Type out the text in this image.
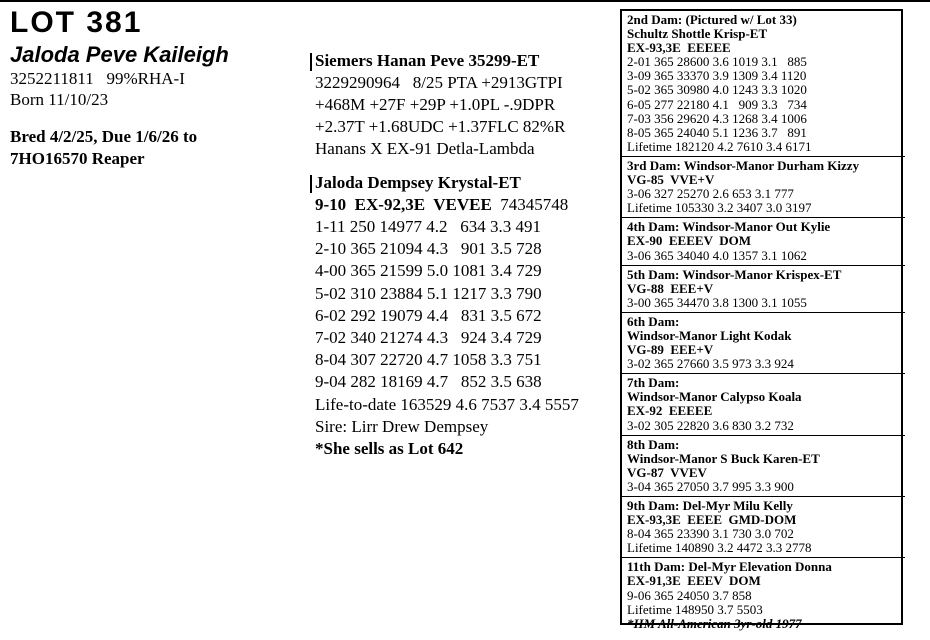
LOT 381
Jaloda Peve Kaileigh
3252211811   99%RHA-I
Born 11/10/23
Bred 4/2/25, Due 1/6/26 to
7HO16570 Reaper
Siemers Hanan Peve 35299-ET
3229290964   8/25 PTA +2913GTPI
+468M +27F +29P +1.0PL -.9DPR
+2.37T +1.68UDC +1.37FLC 82%R
Hanans X EX-91 Detla-Lambda
Jaloda Dempsey Krystal-ET
9-10  EX-92,3E  VEVEE  74345748
1-11 250 14977 4.2   634 3.3 491
2-10 365 21094 4.3   901 3.5 728
4-00 365 21599 5.0 1081 3.4 729
5-02 310 23884 5.1 1217 3.3 790
6-02 292 19079 4.4   831 3.5 672
7-02 340 21274 4.3   924 3.4 729
8-04 307 22720 4.7 1058 3.3 751
9-04 282 18169 4.7   852 3.5 638
Life-to-date 163529 4.6 7537 3.4 5557
Sire: Lirr Drew Dempsey
*She sells as Lot 642
2nd Dam: (Pictured w/ Lot 33)
Schultz Shottle Krisp-ET
EX-93,3E  EEEEE
2-01 365 28600 3.6 1019 3.1   885
3-09 365 33370 3.9 1309 3.4 1120
5-02 365 30980 4.0 1243 3.3 1020
6-05 277 22180 4.1   909 3.3   734
7-03 356 29620 4.3 1268 3.4 1006
8-05 365 24040 5.1 1236 3.7   891
Lifetime 182120 4.2 7610 3.4 6171
3rd Dam: Windsor-Manor Durham Kizzy
VG-85  VVE+V
3-06 327 25270 2.6 653 3.1 777
Lifetime 105330 3.2 3407 3.0 3197
4th Dam: Windsor-Manor Out Kylie
EX-90  EEEEV  DOM
3-06 365 34040 4.0 1357 3.1 1062
5th Dam: Windsor-Manor Krispex-ET
VG-88  EEE+V
3-00 365 34470 3.8 1300 3.1 1055
6th Dam:
Windsor-Manor Light Kodak
VG-89  EEE+V
3-02 365 27660 3.5 973 3.3 924
7th Dam:
Windsor-Manor Calypso Koala
EX-92  EEEEE
3-02 305 22820 3.6 830 3.2 732
8th Dam:
Windsor-Manor S Buck Karen-ET
VG-87  VVEV
3-04 365 27050 3.7 995 3.3 900
9th Dam: Del-Myr Milu Kelly
EX-93,3E  EEEE  GMD-DOM
8-04 365 23390 3.1 730 3.0 702
Lifetime 140890 3.2 4472 3.3 2778
11th Dam: Del-Myr Elevation Donna
EX-91,3E  EEEV  DOM
9-06 365 24050 3.7 858
Lifetime 148950 3.7 5503
*HM All-American 3yr-old 1977
